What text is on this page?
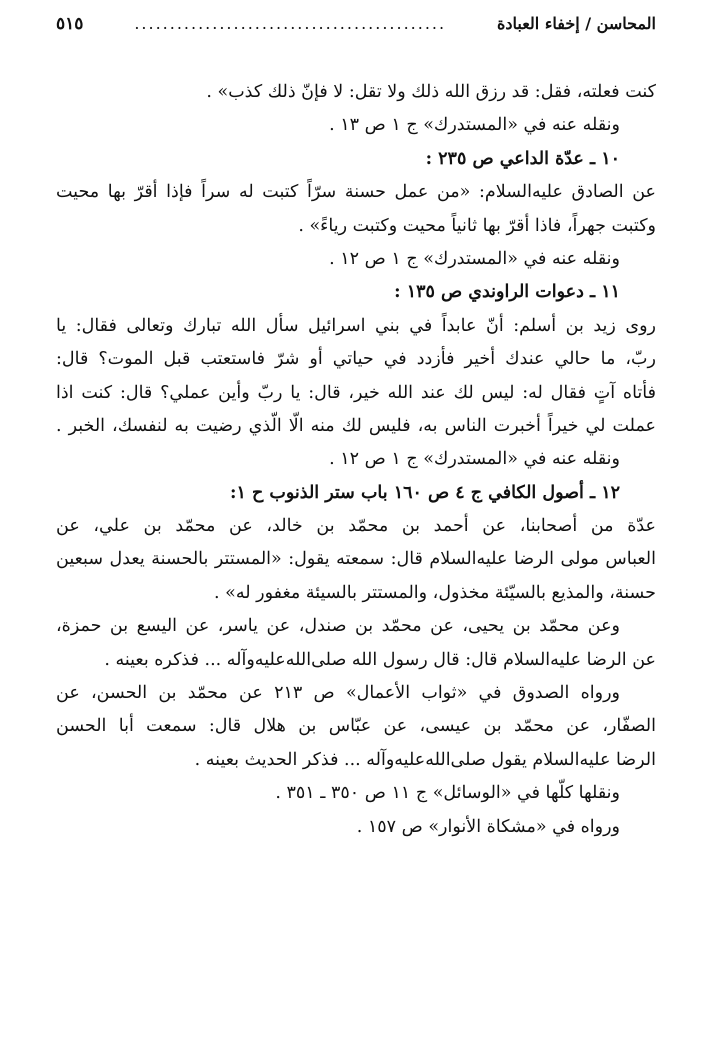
المحاسن / إخفاء العبادة
............................................
٥١٥

كنت فعلته، فقل: قد رزق الله ذلك ولا تقل: لا فإنّ ذلك كذب» .

ونقله عنه في «المستدرك» ج ١ ص ١٣ .

١٠ ـ عدّة الداعي ص ٢٣٥ :

عن الصادق عليه‌السلام: «من عمل حسنة سرّاً كتبت له سراً فإذا أقرّ بها محيت

وكتبت جهراً، فاذا أقرّ بها ثانياً محيت وكتبت رياءً» .

ونقله عنه في «المستدرك» ج ١ ص ١٢ .

١١ ـ دعوات الراوندي ص ١٣٥ :

روى زيد بن أسلم: أنّ عابداً في بني اسرائيل سأل الله تبارك وتعالى فقال: يا

ربّ، ما حالي عندك أخير فأزدد في حياتي أو شرّ فاستعتب قبل الموت؟ قال:

فأتاه آتٍ فقال له: ليس لك عند الله خير، قال: يا ربّ وأين عملي؟ قال: كنت اذا

عملت لي خيراً أخبرت الناس به، فليس لك منه الّا الّذي رضيت به لنفسك، الخبر .

ونقله عنه في «المستدرك» ج ١ ص ١٢ .

١٢ ـ أصول الكافي ج ٤ ص ١٦٠ باب ستر الذنوب ح ١:

عدّة من أصحابنا، عن أحمد بن محمّد بن خالد، عن محمّد بن علي، عن

العباس مولى الرضا عليه‌السلام قال: سمعته يقول: «المستتر بالحسنة يعدل سبعين

حسنة، والمذيع بالسيّئة مخذول، والمستتر بالسيئة مغفور له» .

وعن محمّد بن يحيى، عن محمّد بن صندل، عن ياسر، عن اليسع بن حمزة،

عن الرضا عليه‌السلام قال: قال رسول الله صلى‌الله‌عليه‌وآله ... فذكره بعينه .

ورواه الصدوق في «ثواب الأعمال» ص ٢١٣ عن محمّد بن الحسن، عن

الصفّار، عن محمّد بن عيسى، عن عبّاس بن هلال قال: سمعت أبا الحسن

الرضا عليه‌السلام يقول صلى‌الله‌عليه‌وآله ... فذكر الحديث بعينه .

ونقلها كلّها في «الوسائل» ج ١١ ص ٣٥٠ ـ ٣٥١ .

ورواه في «مشكاة الأنوار» ص ١٥٧ .
